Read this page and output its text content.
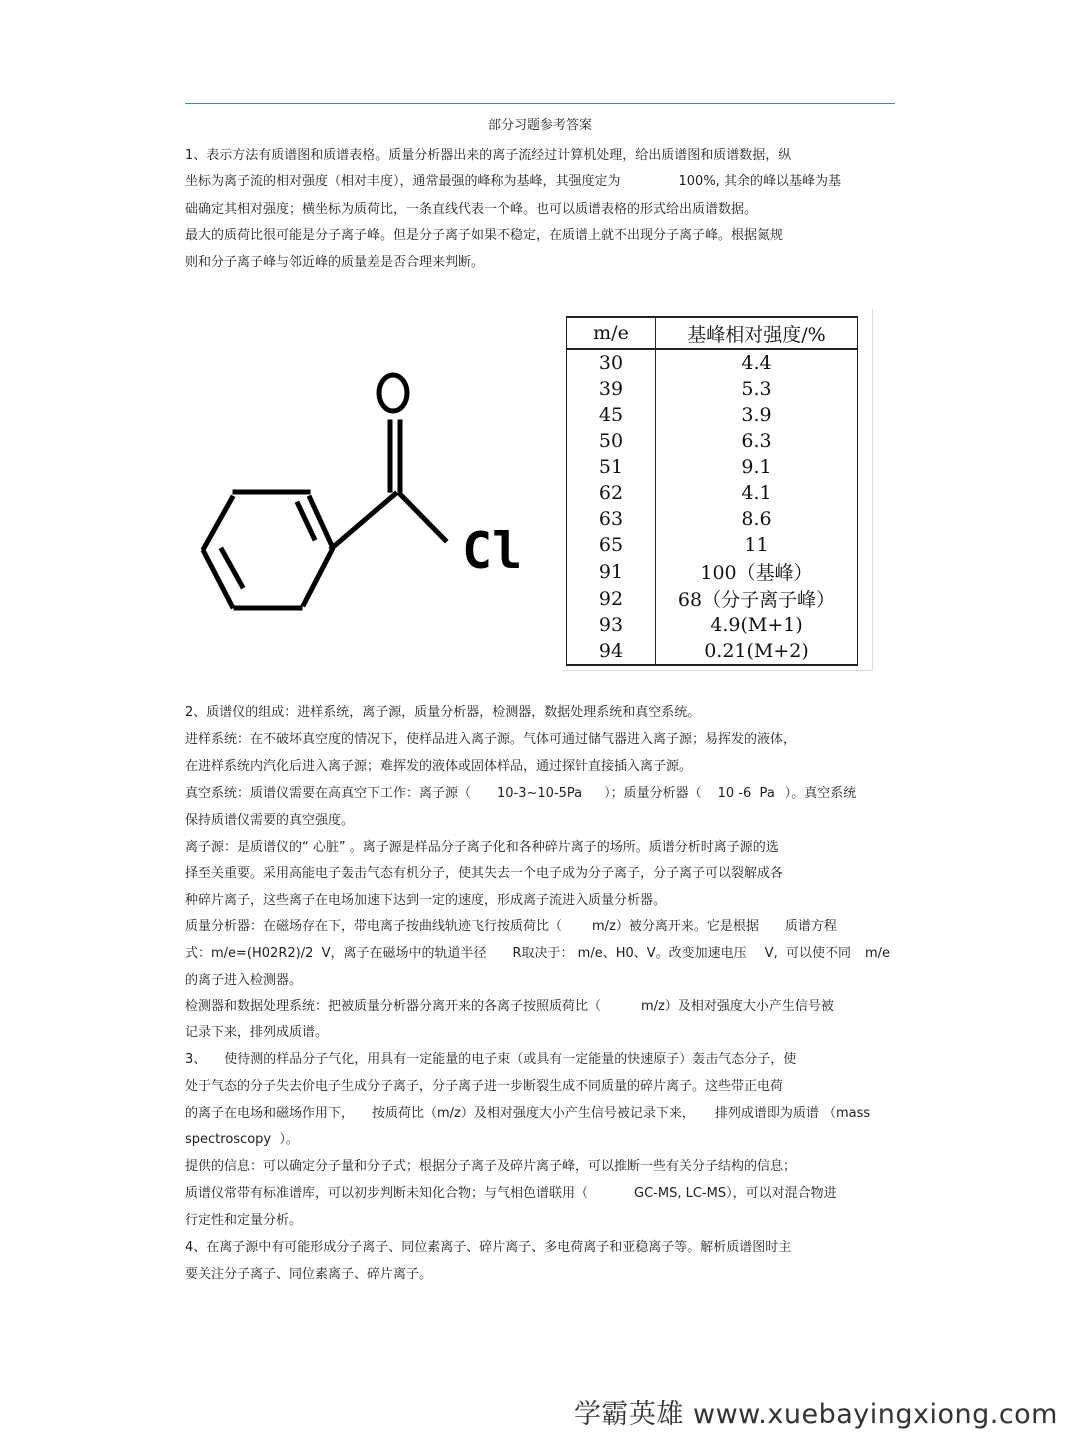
部分习题参考答案
1、表示方法有质谱图和质谱表格。质量分析器出来的离子流经过计算机处理，给出质谱图和质谱数据，纵
坐标为离子流的相对强度（相对丰度），通常最强的峰称为基峰，其强度定为	100%, 其余的峰以基峰为基
础确定其相对强度；横坐标为质荷比，一条直线代表一个峰。也可以质谱表格的形式给出质谱数据。
最大的质荷比很可能是分子离子峰。但是分子离子如果不稳定，在质谱上就不出现分子离子峰。根据氮规
则和分子离子峰与邻近峰的质量差是否合理来判断。
Cl
m/e	基峰相对强度/%
30	4.4
39	5.3
45	3.9
50	6.3
51	9.1
62	4.1
63	8.6
65	11
91	100（基峰）
92	68（分子离子峰）
93	4.9(M+1)
94	0.21(M+2)
2、质谱仪的组成：进样系统，离子源，质量分析器，检测器，数据处理系统和真空系统。
进样系统：在不破坏真空度的情况下，使样品进入离子源。气体可通过储气器进入离子源；易挥发的液体，
在进样系统内汽化后进入离子源；难挥发的液体或固体样品，通过探针直接插入离子源。
真空系统：质谱仪需要在高真空下工作：离子源（ 10-3~10-5Pa ）；质量分析器（ 10 -6  Pa ）。真空系统
保持质谱仪需要的真空强度。
离子源：是质谱仪的“ 心脏” 。离子源是样品分子离子化和各种碎片离子的场所。质谱分析时离子源的选
择至关重要。采用高能电子轰击气态有机分子，使其失去一个电子成为分子离子，分子离子可以裂解成各
种碎片离子，这些离子在电场加速下达到一定的速度，形成离子流进入质量分析器。
质量分析器：在磁场存在下，带电离子按曲线轨迹飞行按质荷比（ m/z）被分离开来。它是根据 质谱方程
式：m/e=(H02R2)/2  V，离子在磁场中的轨道半径 R取决于： m/e、H0、V。改变加速电压 V,  可以使不同 m/e
的离子进入检测器。
检测器和数据处理系统：把被质量分析器分离开来的各离子按照质荷比（	m/z）及相对强度大小产生信号被
记录下来，排列成质谱。
3、 使待测的样品分子气化，用具有一定能量的电子束（或具有一定能量的快速原子）轰击气态分子，使
处于气态的分子失去价电子生成分子离子，分子离子进一步断裂生成不同质量的碎片离子。这些带正电荷
的离子在电场和磁场作用下， 按质荷比（m/z）及相对强度大小产生信号被记录下来， 排列成谱即为质谱 （mass
spectroscopy  ）。
提供的信息：可以确定分子量和分子式；根据分子离子及碎片离子峰，可以推断一些有关分子结构的信息；
质谱仪常带有标准谱库，可以初步判断未知化合物；与气相色谱联用（	GC-MS, LC-MS），可以对混合物进
行定性和定量分析。
4、在离子源中有可能形成分子离子、同位素离子、碎片离子、多电荷离子和亚稳离子等。解析质谱图时主
要关注分子离子、同位素离子、碎片离子。
学霸英雄 www.xuebayingxiong.com
